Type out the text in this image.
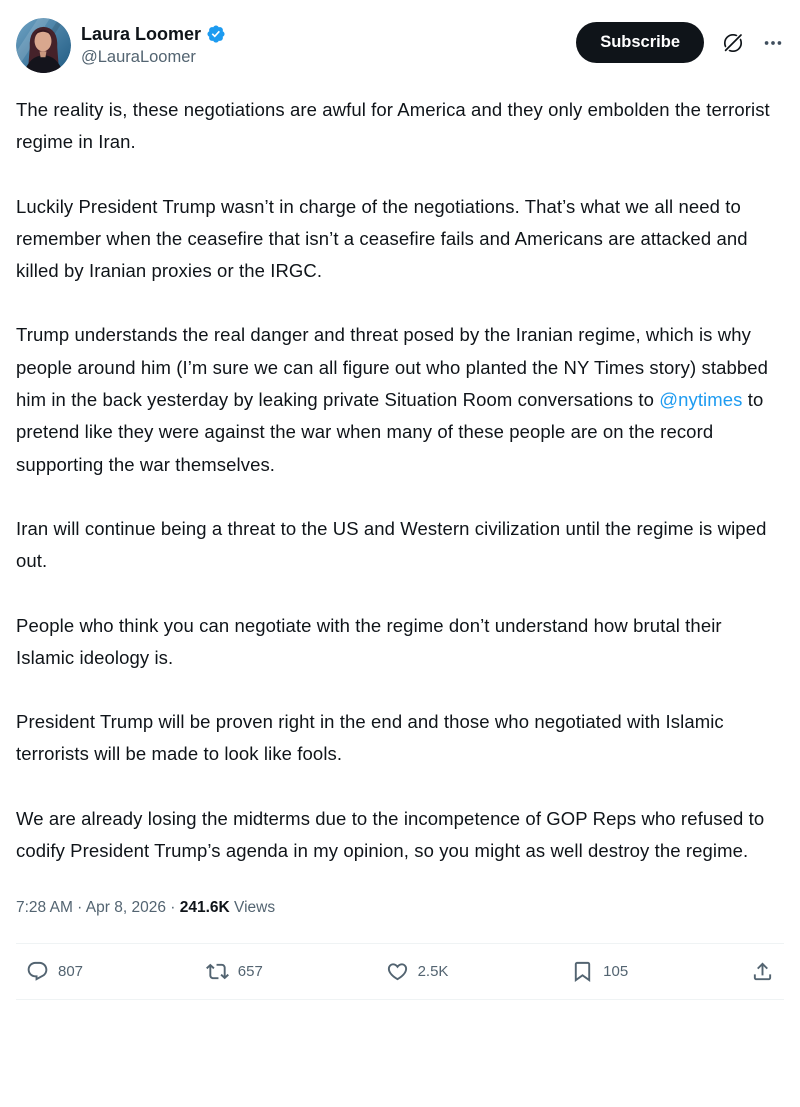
Laura Loomer
@LauraLoomer
Subscribe

The reality is, these negotiations are awful for America and they only embolden the terrorist regime in Iran.

Luckily President Trump wasn’t in charge of the negotiations. That’s what we all need to remember when the ceasefire that isn’t a ceasefire fails and Americans are attacked and killed by Iranian proxies or the IRGC.

Trump understands the real danger and threat posed by the Iranian regime, which is why people around him (I’m sure we can all figure out who planted the NY Times story) stabbed him in the back yesterday by leaking private Situation Room conversations to @nytimes to pretend like they were against the war when many of these people are on the record supporting the war themselves.

Iran will continue being a threat to the US and Western civilization until the regime is wiped out.

People who think you can negotiate with the regime don’t understand how brutal their Islamic ideology is.

President Trump will be proven right in the end and those who negotiated with Islamic terrorists will be made to look like fools.

We are already losing the midterms due to the incompetence of GOP Reps who refused to codify President Trump’s agenda in my opinion, so you might as well destroy the regime.

7:28 AM · Apr 8, 2026 · 241.6K Views
807	657	2.5K	105
